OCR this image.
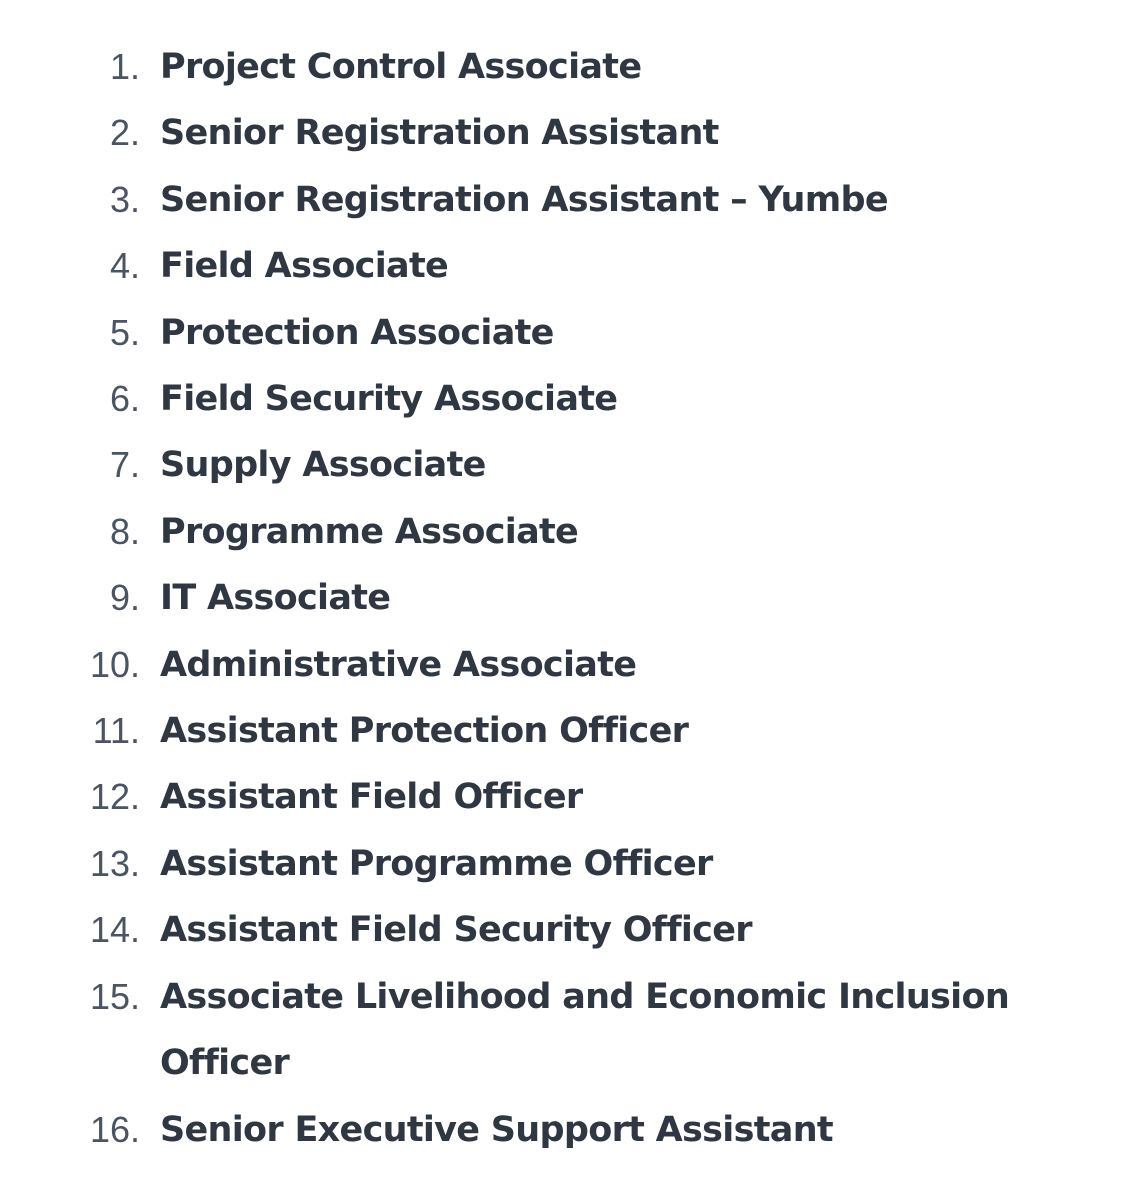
1. Project Control Associate
2. Senior Registration Assistant
3. Senior Registration Assistant – Yumbe
4. Field Associate
5. Protection Associate
6. Field Security Associate
7. Supply Associate
8. Programme Associate
9. IT Associate
10. Administrative Associate
11. Assistant Protection Officer
12. Assistant Field Officer
13. Assistant Programme Officer
14. Assistant Field Security Officer
15. Associate Livelihood and Economic Inclusion Officer
16. Senior Executive Support Assistant
